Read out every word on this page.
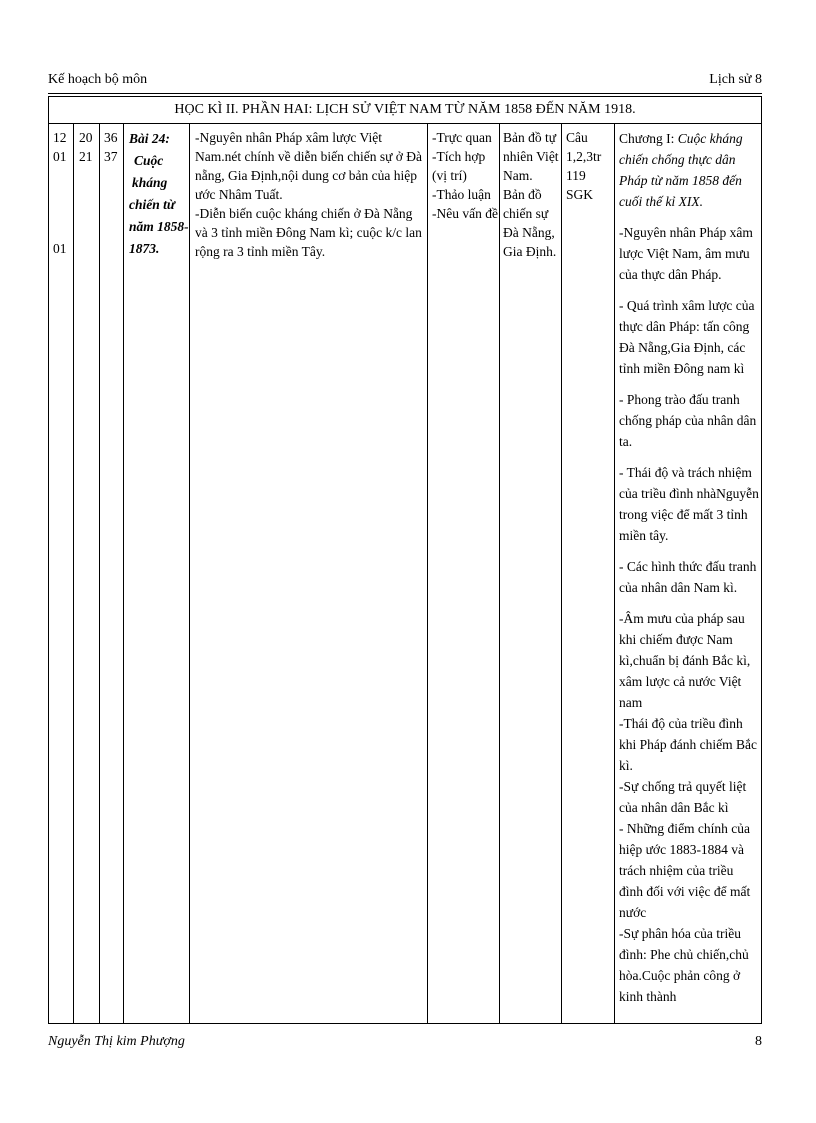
Kế hoạch bộ môn	Lịch sử 8
HỌC KÌ II. PHẦN HAI: LỊCH SỬ VIỆT NAM TỪ NĂM 1858 ĐẾN NĂM 1918.
12
01
01
20
21
36
37
Bài 24:
Cuộc
kháng
chiến từ
năm 1858-
1873.
-Nguyên nhân Pháp xâm lược Việt Nam.nét chính về diễn biến chiến sự ở Đà nẵng, Gia Định,nội dung cơ bản của hiệp ước Nhâm Tuất.
-Diễn biến cuộc kháng chiến ở Đà Nẵng và 3 tỉnh miền Đông Nam kì; cuộc k/c lan rộng ra 3 tỉnh miền Tây.
-Trực quan
-Tích hợp
(vị trí)
-Thảo luận
-Nêu vấn đề
Bản đồ tự nhiên Việt Nam.
Bản đồ chiến sự Đà Nẵng, Gia Định.
Câu
1,2,3tr
119
SGK

Chương I: Cuộc kháng chiến chống thực dân Pháp từ năm 1858 đến cuối thế kỉ XIX.

-Nguyên nhân Pháp xâm lược Việt Nam, âm mưu của thực dân Pháp.

- Quá trình xâm lược của thực dân Pháp: tấn công Đà Nẵng,Gia Định, các tỉnh miền Đông nam kì

- Phong trào đấu tranh chống pháp của nhân dân ta.

- Thái độ và trách nhiệm của triều đình nhàNguyễn trong việc để mất 3 tỉnh miền tây.

- Các hình thức đấu tranh của nhân dân Nam kì.

-Âm mưu của pháp sau khi chiếm được Nam kì,chuẩn bị đánh Bắc kì, xâm lược cả nước Việt nam

-Thái độ của triều đình khi Pháp đánh chiếm Bắc kì.

-Sự chống trả quyết liệt của nhân dân Bắc kì

- Những điểm chính của hiệp ước 1883-1884 và trách nhiệm của triều đình đối với việc để mất nước

-Sự phân hóa của triều đình: Phe chủ chiến,chủ hòa.Cuộc phản công ở kinh thành

Nguyễn Thị kim Phượng	8
